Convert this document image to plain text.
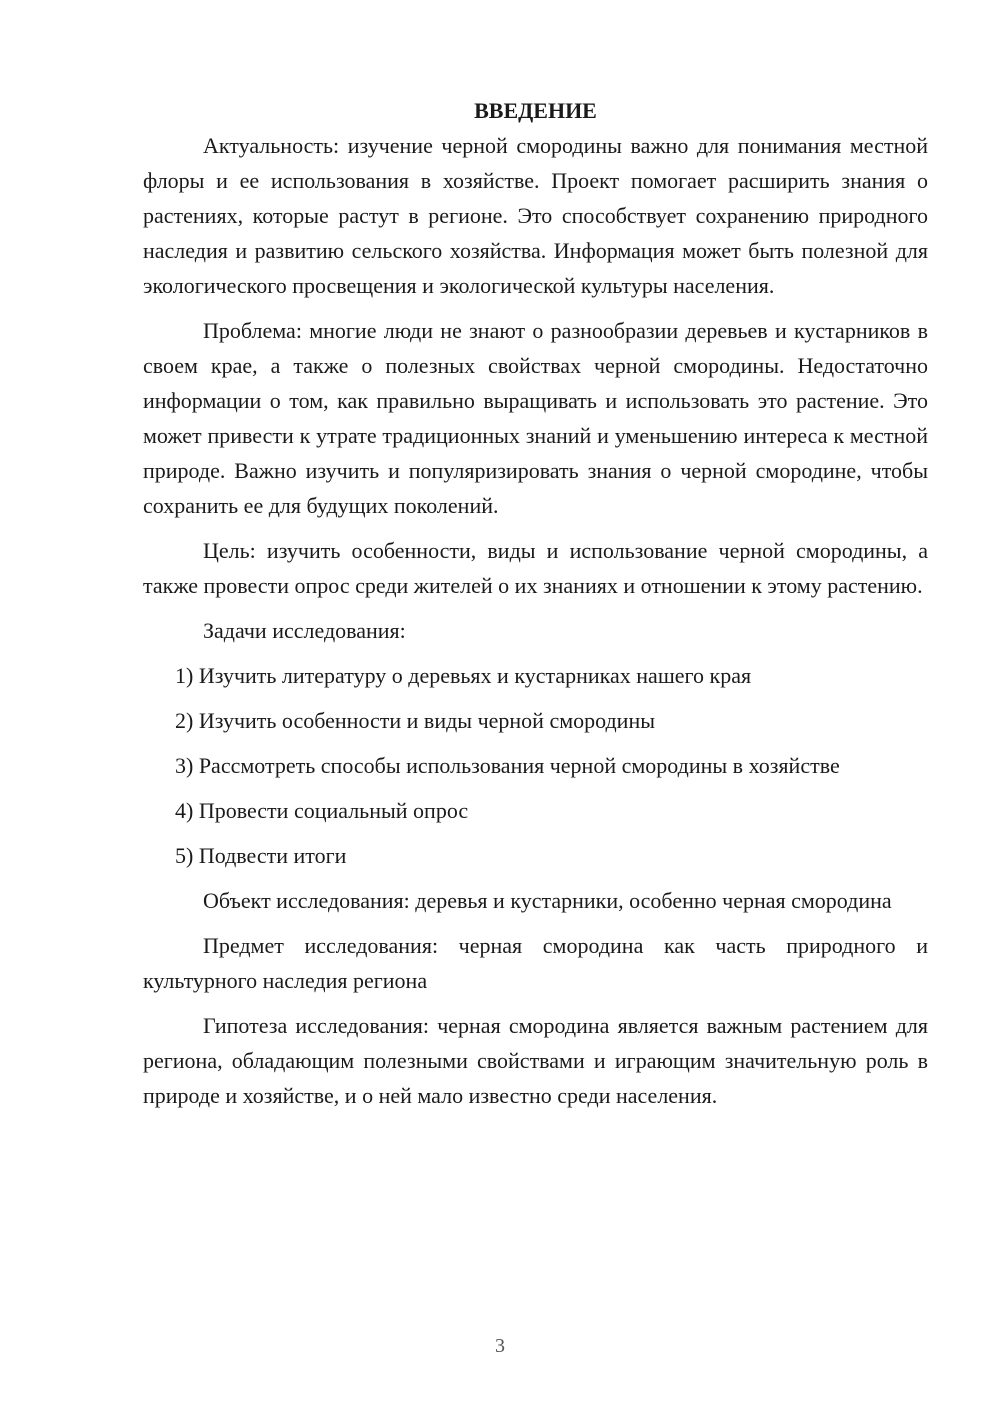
ВВЕДЕНИЕ

Актуальность: изучение черной смородины важно для понимания местной флоры и ее использования в хозяйстве. Проект помогает расширить знания о растениях, которые растут в регионе. Это способствует сохранению природного наследия и развитию сельского хозяйства. Информация может быть полезной для экологического просвещения и экологической культуры населения.

Проблема: многие люди не знают о разнообразии деревьев и кустарников в своем крае, а также о полезных свойствах черной смородины. Недостаточно информации о том, как правильно выращивать и использовать это растение. Это может привести к утрате традиционных знаний и уменьшению интереса к местной природе. Важно изучить и популяризировать знания о черной смородине, чтобы сохранить ее для будущих поколений.

Цель: изучить особенности, виды и использование черной смородины, а также провести опрос среди жителей о их знаниях и отношении к этому растению.

Задачи исследования:

1) Изучить литературу о деревьях и кустарниках нашего края
2) Изучить особенности и виды черной смородины
3) Рассмотреть способы использования черной смородины в хозяйстве
4) Провести социальный опрос
5) Подвести итоги

Объект исследования: деревья и кустарники, особенно черная смородина

Предмет исследования: черная смородина как часть природного и культурного наследия региона

Гипотеза исследования: черная смородина является важным растением для региона, обладающим полезными свойствами и играющим значительную роль в природе и хозяйстве, и о ней мало известно среди населения.

3
